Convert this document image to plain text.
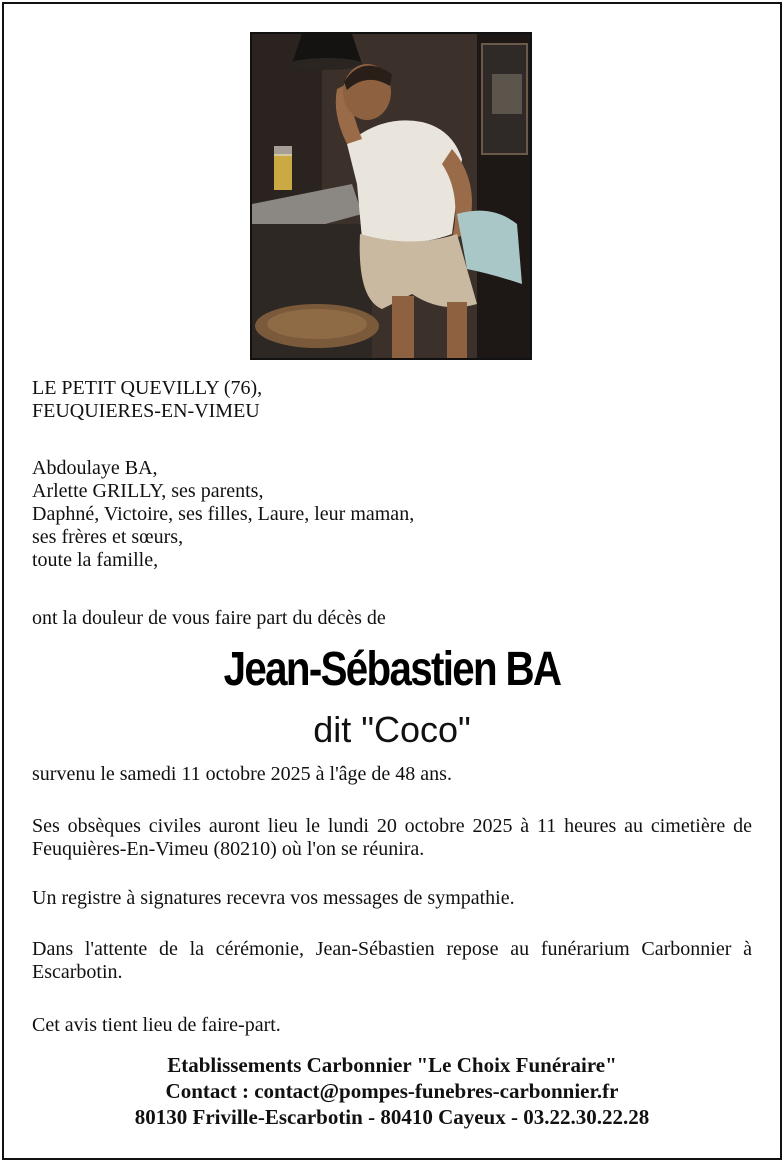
LE PETIT QUEVILLY (76),
FEUQUIERES-EN-VIMEU

Abdoulaye BA,
Arlette GRILLY, ses parents,
Daphné, Victoire, ses filles, Laure, leur maman,
ses frères et sœurs,
toute la famille,

ont la douleur de vous faire part du décès de

Jean-Sébastien BA
dit "Coco"

survenu le samedi 11 octobre 2025 à l'âge de 48 ans.

Ses obsèques civiles auront lieu le lundi 20 octobre 2025 à 11 heures au cimetière de Feuquières-En-Vimeu (80210) où l'on se réunira.

Un registre à signatures recevra vos messages de sympathie.

Dans l'attente de la cérémonie, Jean-Sébastien repose au funérarium Carbonnier à Escarbotin.

Cet avis tient lieu de faire-part.

Etablissements Carbonnier "Le Choix Funéraire"
Contact : contact@pompes-funebres-carbonnier.fr
80130 Friville-Escarbotin - 80410 Cayeux - 03.22.30.22.28
